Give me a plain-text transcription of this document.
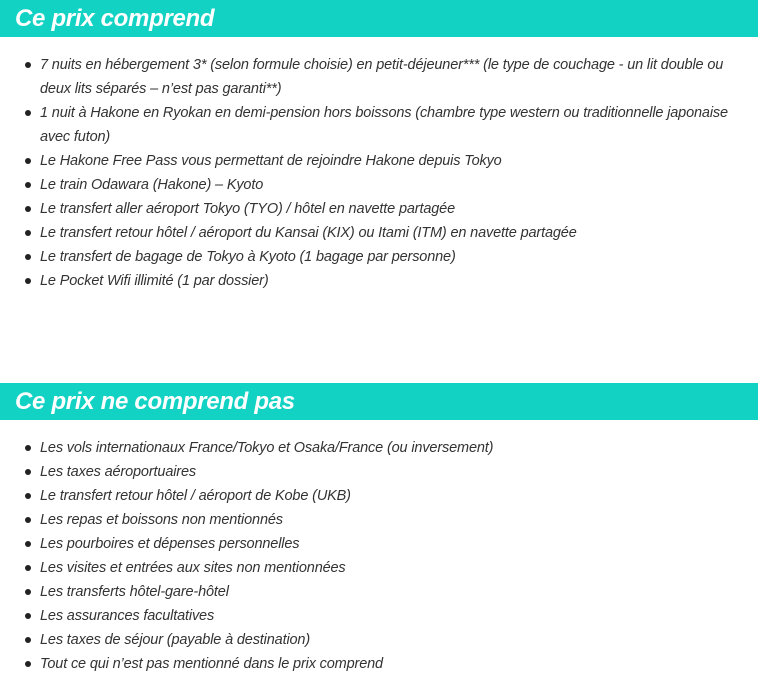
Ce prix comprend
7 nuits en hébergement 3* (selon formule choisie) en petit-déjeuner*** (le type de couchage - un lit double ou deux lits séparés – n’est pas garanti**)
1 nuit à Hakone en Ryokan en demi-pension hors boissons (chambre type western ou traditionnelle japonaise avec futon)
Le Hakone Free Pass vous permettant de rejoindre Hakone depuis Tokyo
Le train Odawara (Hakone) – Kyoto
Le transfert aller aéroport Tokyo (TYO) / hôtel en navette partagée
Le transfert retour hôtel / aéroport du Kansai (KIX) ou Itami (ITM) en navette partagée
Le transfert de bagage de Tokyo à Kyoto (1 bagage par personne)
Le Pocket Wifi illimité (1 par dossier)
Ce prix ne comprend pas
Les vols internationaux France/Tokyo et Osaka/France (ou inversement)
Les taxes aéroportuaires
Le transfert retour hôtel / aéroport de Kobe (UKB)
Les repas et boissons non mentionnés
Les pourboires et dépenses personnelles
Les visites et entrées aux sites non mentionnées
Les transferts hôtel-gare-hôtel
Les assurances facultatives
Les taxes de séjour (payable à destination)
Tout ce qui n’est pas mentionné dans le prix comprend
